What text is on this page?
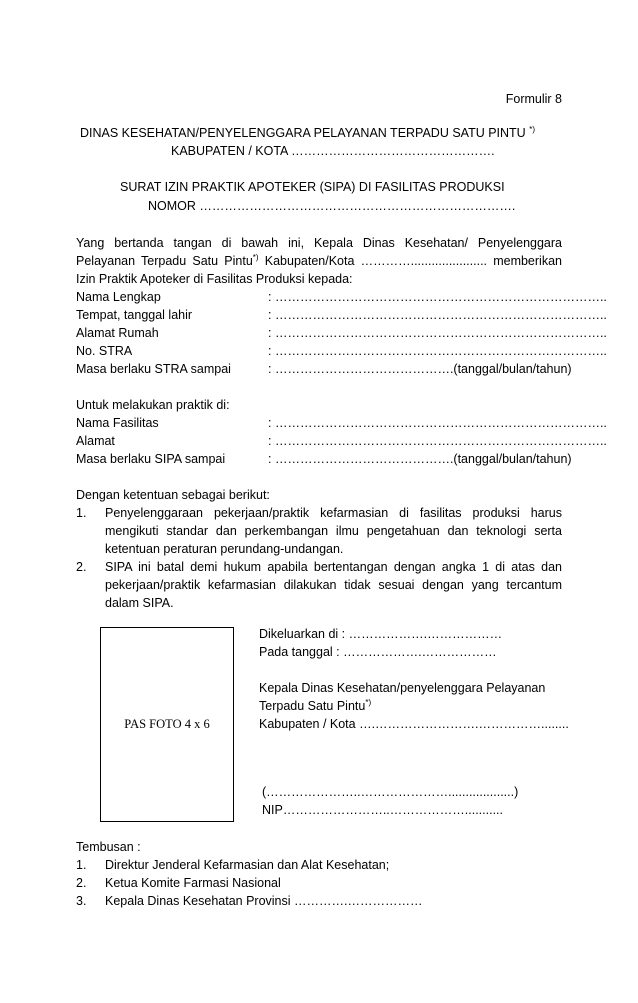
Formulir 8
DINAS KESEHATAN/PENYELENGGARA PELAYANAN TERPADU SATU PINTU *)
KABUPATEN / KOTA ………………………………………….
SURAT IZIN PRAKTIK APOTEKER (SIPA) DI FASILITAS PRODUKSI
NOMOR ………………………………………………………………….
Yang bertanda tangan di bawah ini, Kepala Dinas Kesehatan/ Penyelenggara Pelayanan Terpadu Satu Pintu*) Kabupaten/Kota …………...................... memberikan Izin Praktik Apoteker di Fasilitas Produksi kepada:
Nama Lengkap	: ……………………………………………………………………..
Tempat, tanggal lahir	: ……………………………………………………………………..
Alamat Rumah	: ……………………………………………………………………..
No. STRA	: ……………………………………………………………………..
Masa berlaku STRA sampai	: …………………………………….(tanggal/bulan/tahun)
Untuk melakukan praktik di:
Nama Fasilitas	: ……………………………………………………………………..
Alamat	: ……………………………………………………………………..
Masa berlaku SIPA sampai	: …………………………………….(tanggal/bulan/tahun)
Dengan ketentuan sebagai berikut:
1. Penyelenggaraan pekerjaan/praktik kefarmasian di fasilitas produksi harus mengikuti standar dan perkembangan ilmu pengetahuan dan teknologi serta ketentuan peraturan perundang-undangan.
2. SIPA ini batal demi hukum apabila bertentangan dengan angka 1 di atas dan pekerjaan/praktik kefarmasian dilakukan tidak sesuai dengan yang tercantum dalam SIPA.
PAS FOTO 4 x 6
Dikeluarkan di : ……………….………………
Pada tanggal : ……………….………………
Kepala Dinas Kesehatan/penyelenggara Pelayanan
Terpadu Satu Pintu*)
Kabupaten / Kota ….…………………….……………........
(…………………..…………………...................)
NIP……………………..………………...........
Tembusan :
1. Direktur Jenderal Kefarmasian dan Alat Kesehatan;
2. Ketua Komite Farmasi Nasional
3. Kepala Dinas Kesehatan Provinsi ………….………………
